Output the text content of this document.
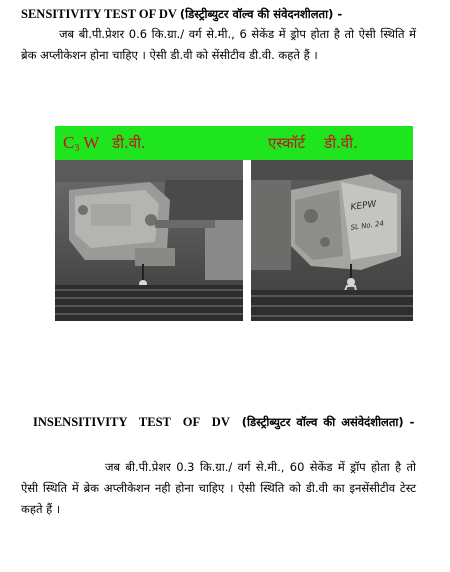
SENSITIVITY TEST OF DV (डिस्ट्रीब्युटर वॉल्व की संवेदनशीलता) -

जब बी.पी.प्रेशर 0.6 कि.ग्रा./ वर्ग से.मी., 6 सेकेंड में ड्रोप होता है तो ऐसी स्थिति में ब्रेक अप्लीकेशन होना चाहिए । ऐसी डी.वी को सेंसीटीव डी.वी. कहते हैं ।

$C_3$ W डी.वी.	एस्कॉर्ट    डी.वी.
KEPW
SL No. 24
INSENSITIVITY TEST OF DV (डिस्ट्रीब्युटर वॉल्व की असंवेदंशीलता) -

जब बी.पी.प्रेशर 0.3 कि.ग्रा./ वर्ग से.मी., 60 सेकेंड में ड्रॉप होता है तो ऐसी स्थिति में ब्रेक अप्लीकेशन नही होना चाहिए । ऐसी स्थिति को डी.वी का इनसेंसीटीव टेस्ट कहते हैं ।
